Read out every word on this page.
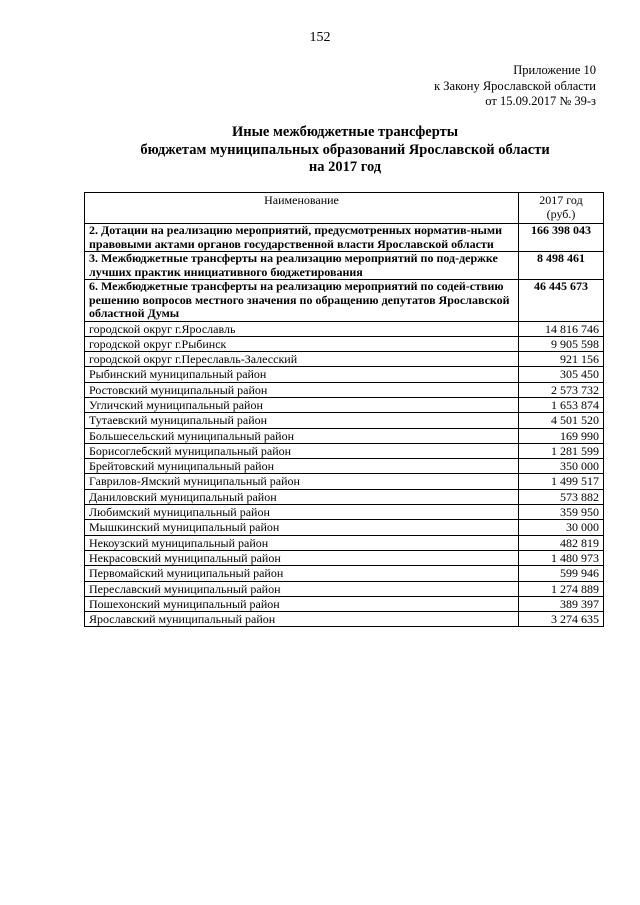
152
Приложение 10
к Закону Ярославской области
от 15.09.2017 № 39-з
Иные межбюджетные трансферты
бюджетам муниципальных образований Ярославской области
на 2017 год
Наименование	2017 год
(руб.)

2. Дотации на реализацию мероприятий, предусмотренных норматив-ными правовыми актами органов государственной власти Ярославской области	166 398 043
3. Межбюджетные трансферты на реализацию мероприятий по под-держке лучших практик инициативного бюджетирования	8 498 461
6. Межбюджетные трансферты на реализацию мероприятий по содей-ствию решению вопросов местного значения по обращению депутатов Ярославской областной Думы	46 445 673
городской округ г.Ярославль	14 816 746
городской округ г.Рыбинск	9 905 598
городской округ г.Переславль-Залесский	921 156
Рыбинский муниципальный район	305 450
Ростовский муниципальный район	2 573 732
Угличский муниципальный район	1 653 874
Тутаевский муниципальный район	4 501 520
Большесельский муниципальный район	169 990
Борисоглебский муниципальный район	1 281 599
Брейтовский муниципальный район	350 000
Гаврилов-Ямский муниципальный район	1 499 517
Даниловский муниципальный район	573 882
Любимский муниципальный район	359 950
Мышкинский муниципальный район	30 000
Некоузский муниципальный район	482 819
Некрасовский муниципальный район	1 480 973
Первомайский муниципальный район	599 946
Переславский муниципальный район	1 274 889
Пошехонский муниципальный район	389 397
Ярославский муниципальный район	3 274 635
